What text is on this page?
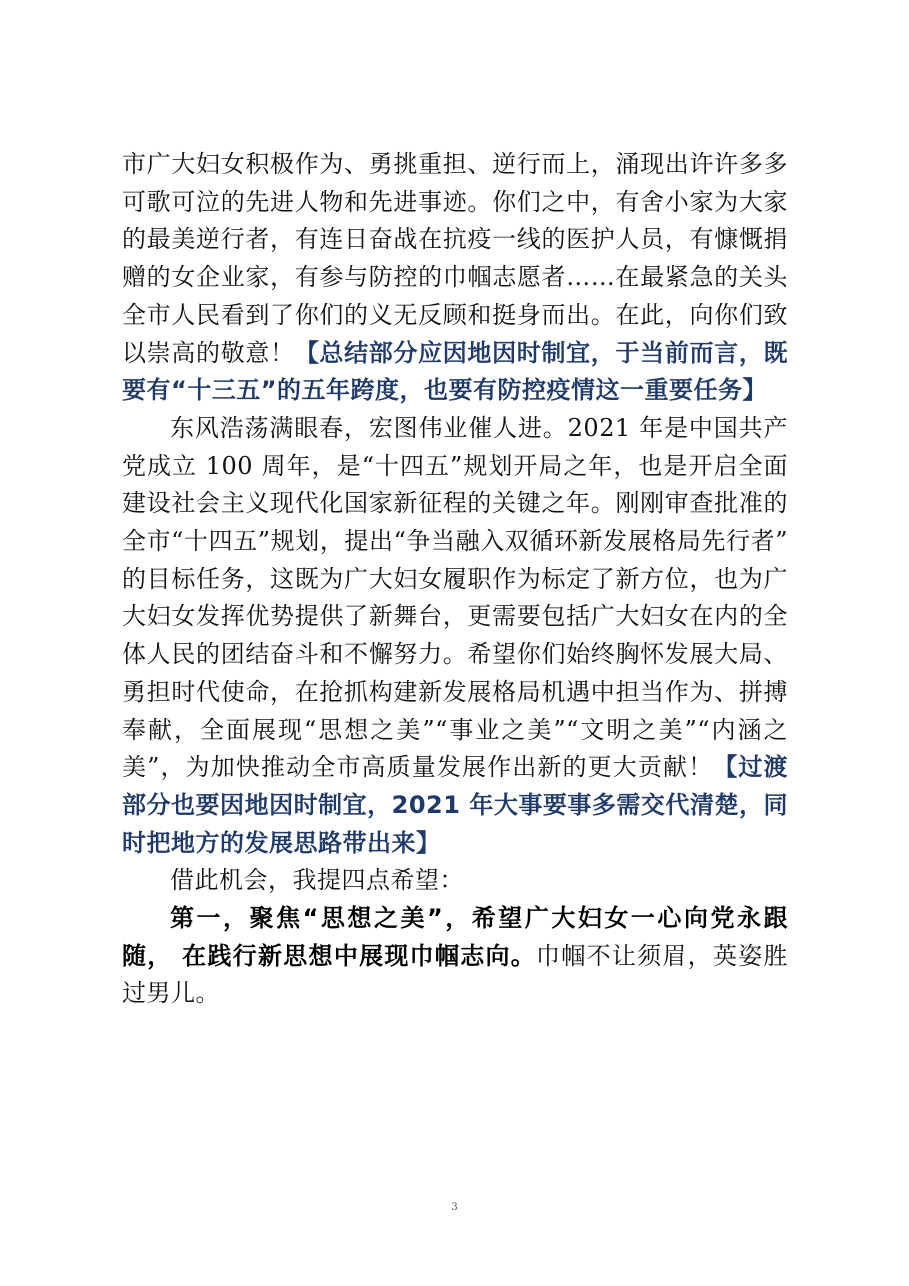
市广大妇女积极作为、勇挑重担、逆行而上，涌现出许许多多 可歌可泣的先进人物和先进事迹。你们之中，有舍小家为大家 的最美逆行者，有连日奋战在抗疫一线的医护人员，有慷慨捐 赠的女企业家，有参与防控的巾帼志愿者……在最紧急的关头 全市人民看到了你们的义无反顾和挺身而出。在此，向你们致 以崇高的敬意！【总结部分应因地因时制宜，于当前而言，既 要有“十三五”的五年跨度，也要有防控疫情这一重要任务】

东风浩荡满眼春，宏图伟业催人进。2021 年是中国共产党成立 100 周年，是“十四五”规划开局之年，也是开启全面建设社会主义现代化国家新征程的关键之年。刚刚审查批准的全市“十四五”规划，提出“争当融入双循环新发展格局先行者” 的目标任务，这既为广大妇女履职作为标定了新方位，也为广大妇女发挥优势提供了新舞台，更需要包括广大妇女在内的全体人民的团结奋斗和不懈努力。希望你们始终胸怀发展大局、勇担时代使命，在抢抓构建新发展格局机遇中担当作为、拼搏奉献，全面展现“思想之美”“事业之美”“文明之美”“内涵之美”，为加快推动全市高质量发展作出新的更大贡献！【过渡部分也要因地因时制宜，2021 年大事要事多需交代清楚，同时把地方的发展思路带出来】

借此机会，我提四点希望：

第一，聚焦“思想之美”，希望广大妇女一心向党永跟随， 在践行新思想中展现巾帼志向。巾帼不让须眉，英姿胜过男儿。

3
